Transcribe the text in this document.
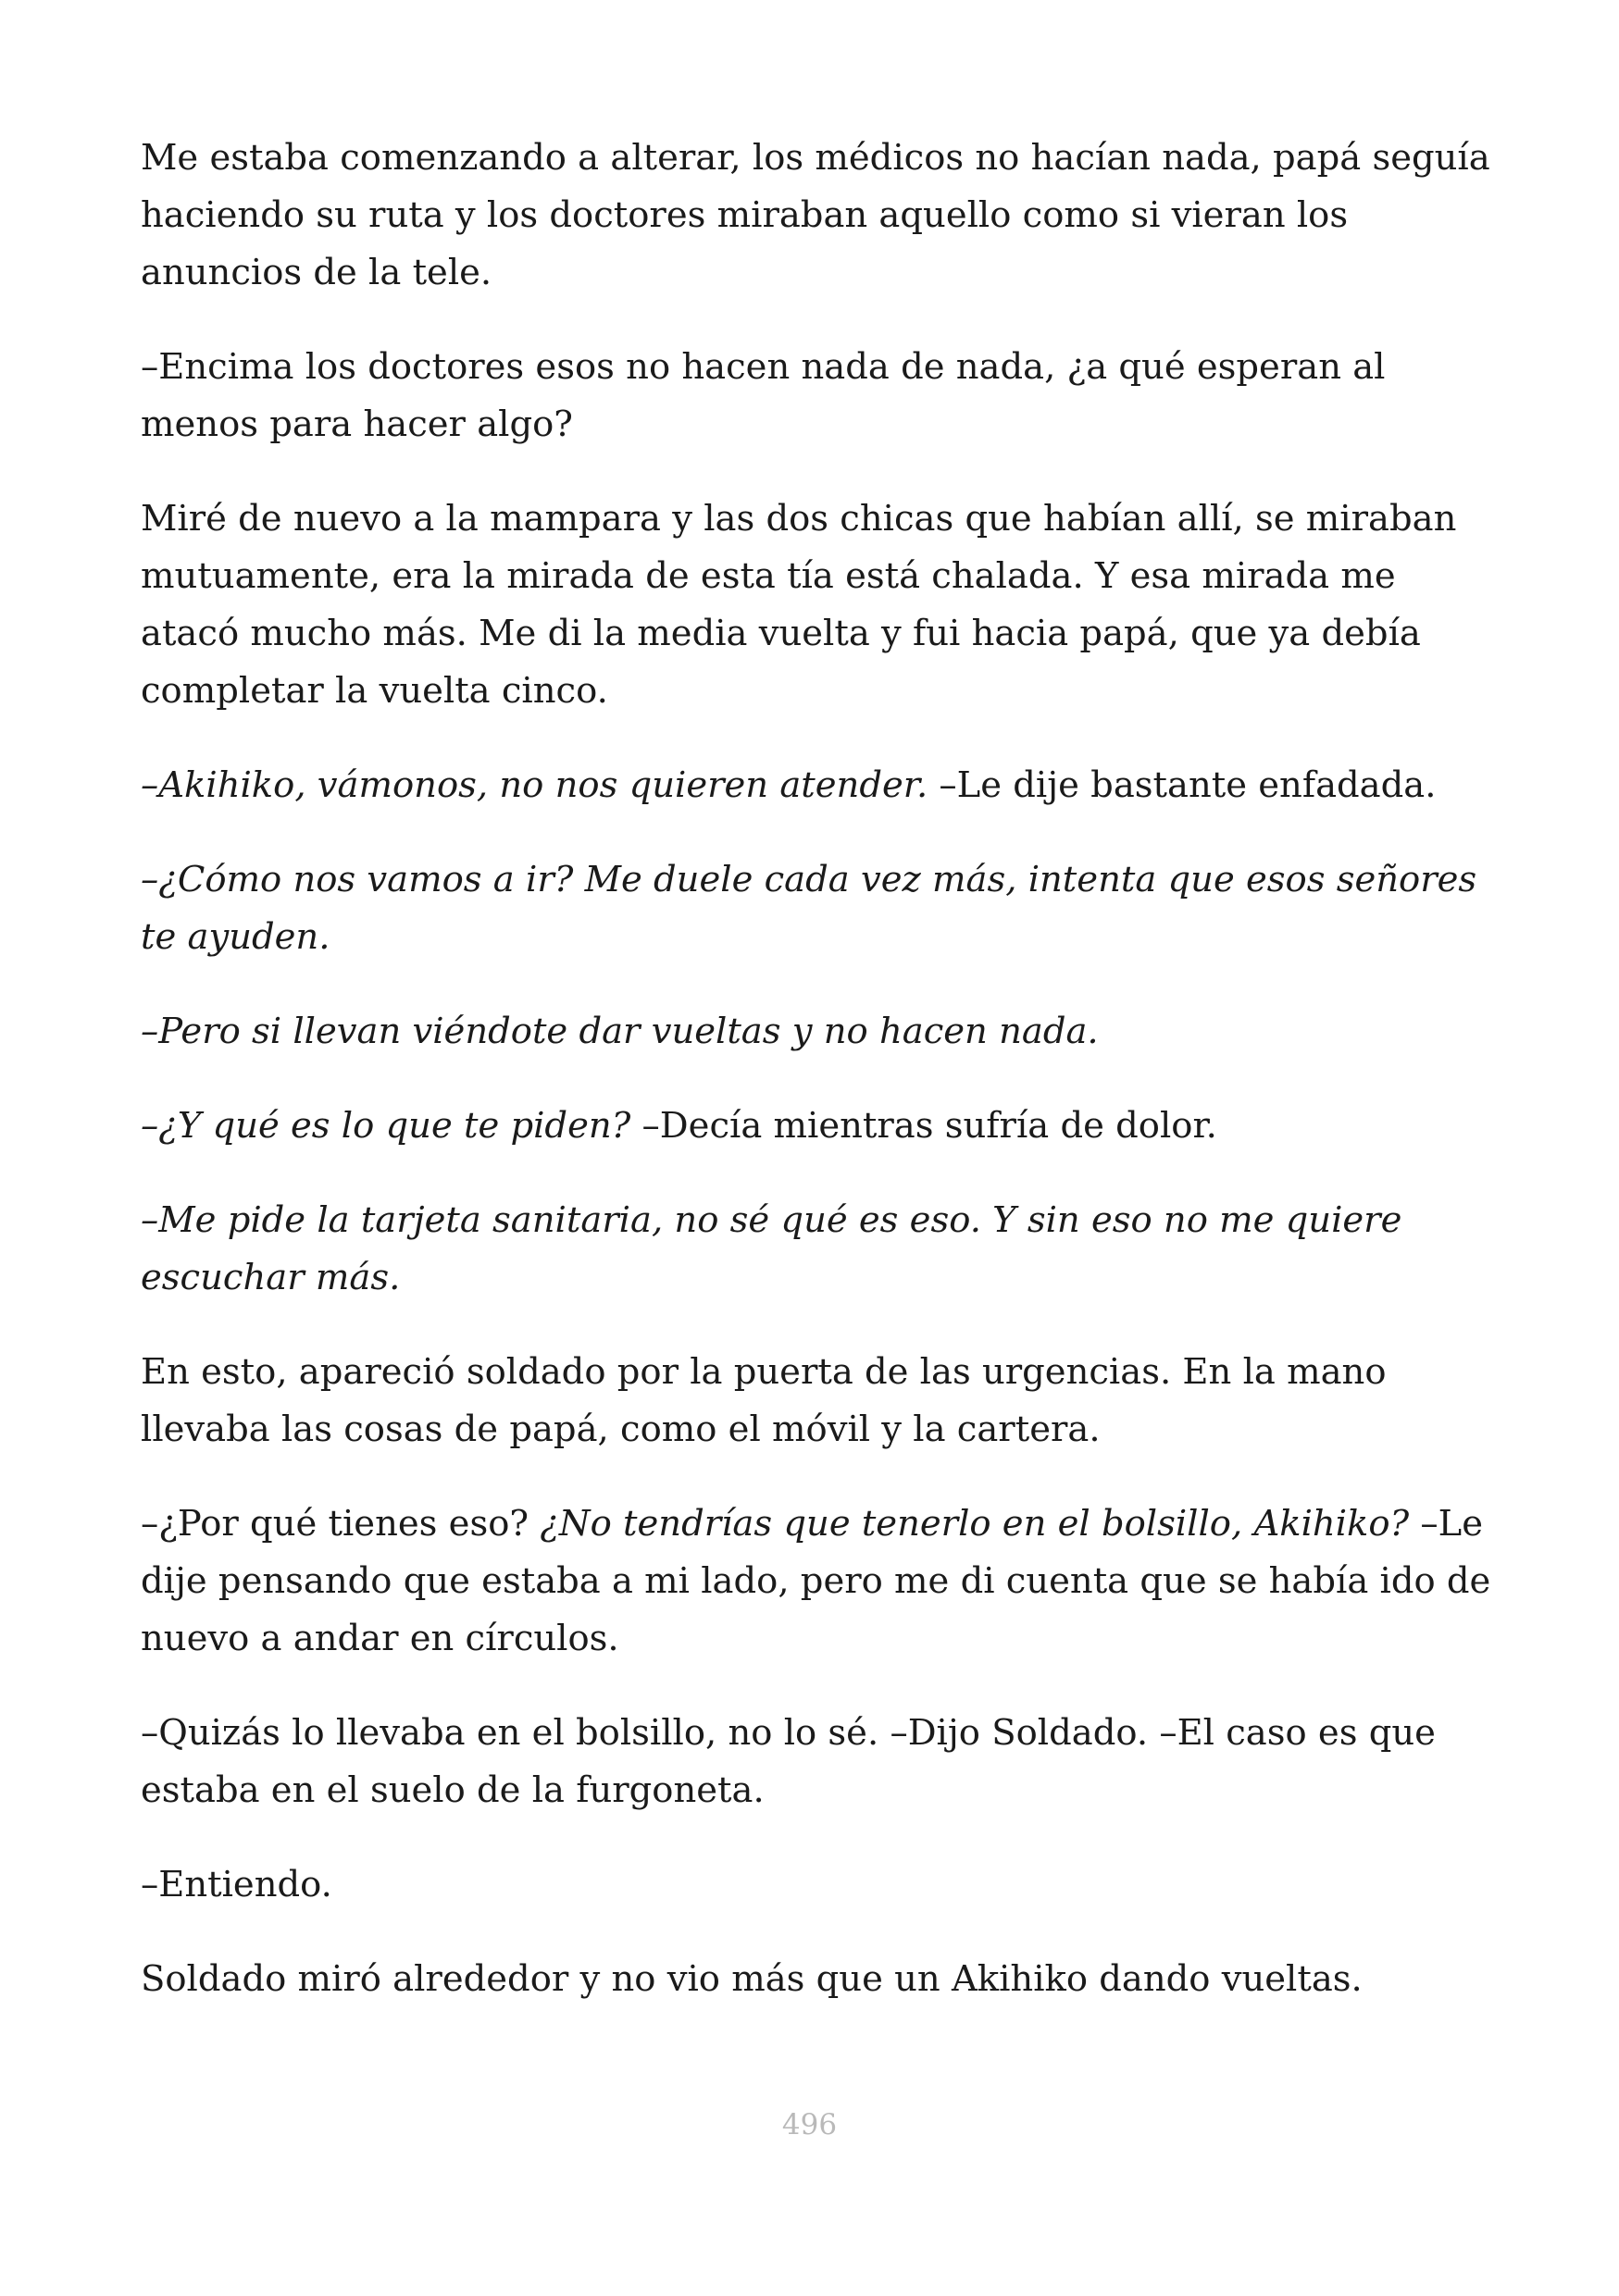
Me estaba comenzando a alterar, los médicos no hacían nada, papá seguía haciendo su ruta y los doctores miraban aquello como si vieran los anuncios de la tele.

–Encima los doctores esos no hacen nada de nada, ¿a qué esperan al menos para hacer algo?

Miré de nuevo a la mampara y las dos chicas que habían allí, se miraban mutuamente, era la mirada de esta tía está chalada. Y esa mirada me atacó mucho más. Me di la media vuelta y fui hacia papá, que ya debía completar la vuelta cinco.

–Akihiko, vámonos, no nos quieren atender. –Le dije bastante enfadada.

–¿Cómo nos vamos a ir? Me duele cada vez más, intenta que esos señores te ayuden.

–Pero si llevan viéndote dar vueltas y no hacen nada.

–¿Y qué es lo que te piden? –Decía mientras sufría de dolor.

–Me pide la tarjeta sanitaria, no sé qué es eso. Y sin eso no me quiere escuchar más.

En esto, apareció soldado por la puerta de las urgencias. En la mano llevaba las cosas de papá, como el móvil y la cartera.

–¿Por qué tienes eso? ¿No tendrías que tenerlo en el bolsillo, Akihiko? –Le dije pensando que estaba a mi lado, pero me di cuenta que se había ido de nuevo a andar en círculos.

–Quizás lo llevaba en el bolsillo, no lo sé. –Dijo Soldado. –El caso es que estaba en el suelo de la furgoneta.

–Entiendo.

Soldado miró alrededor y no vio más que un Akihiko dando vueltas.

496
